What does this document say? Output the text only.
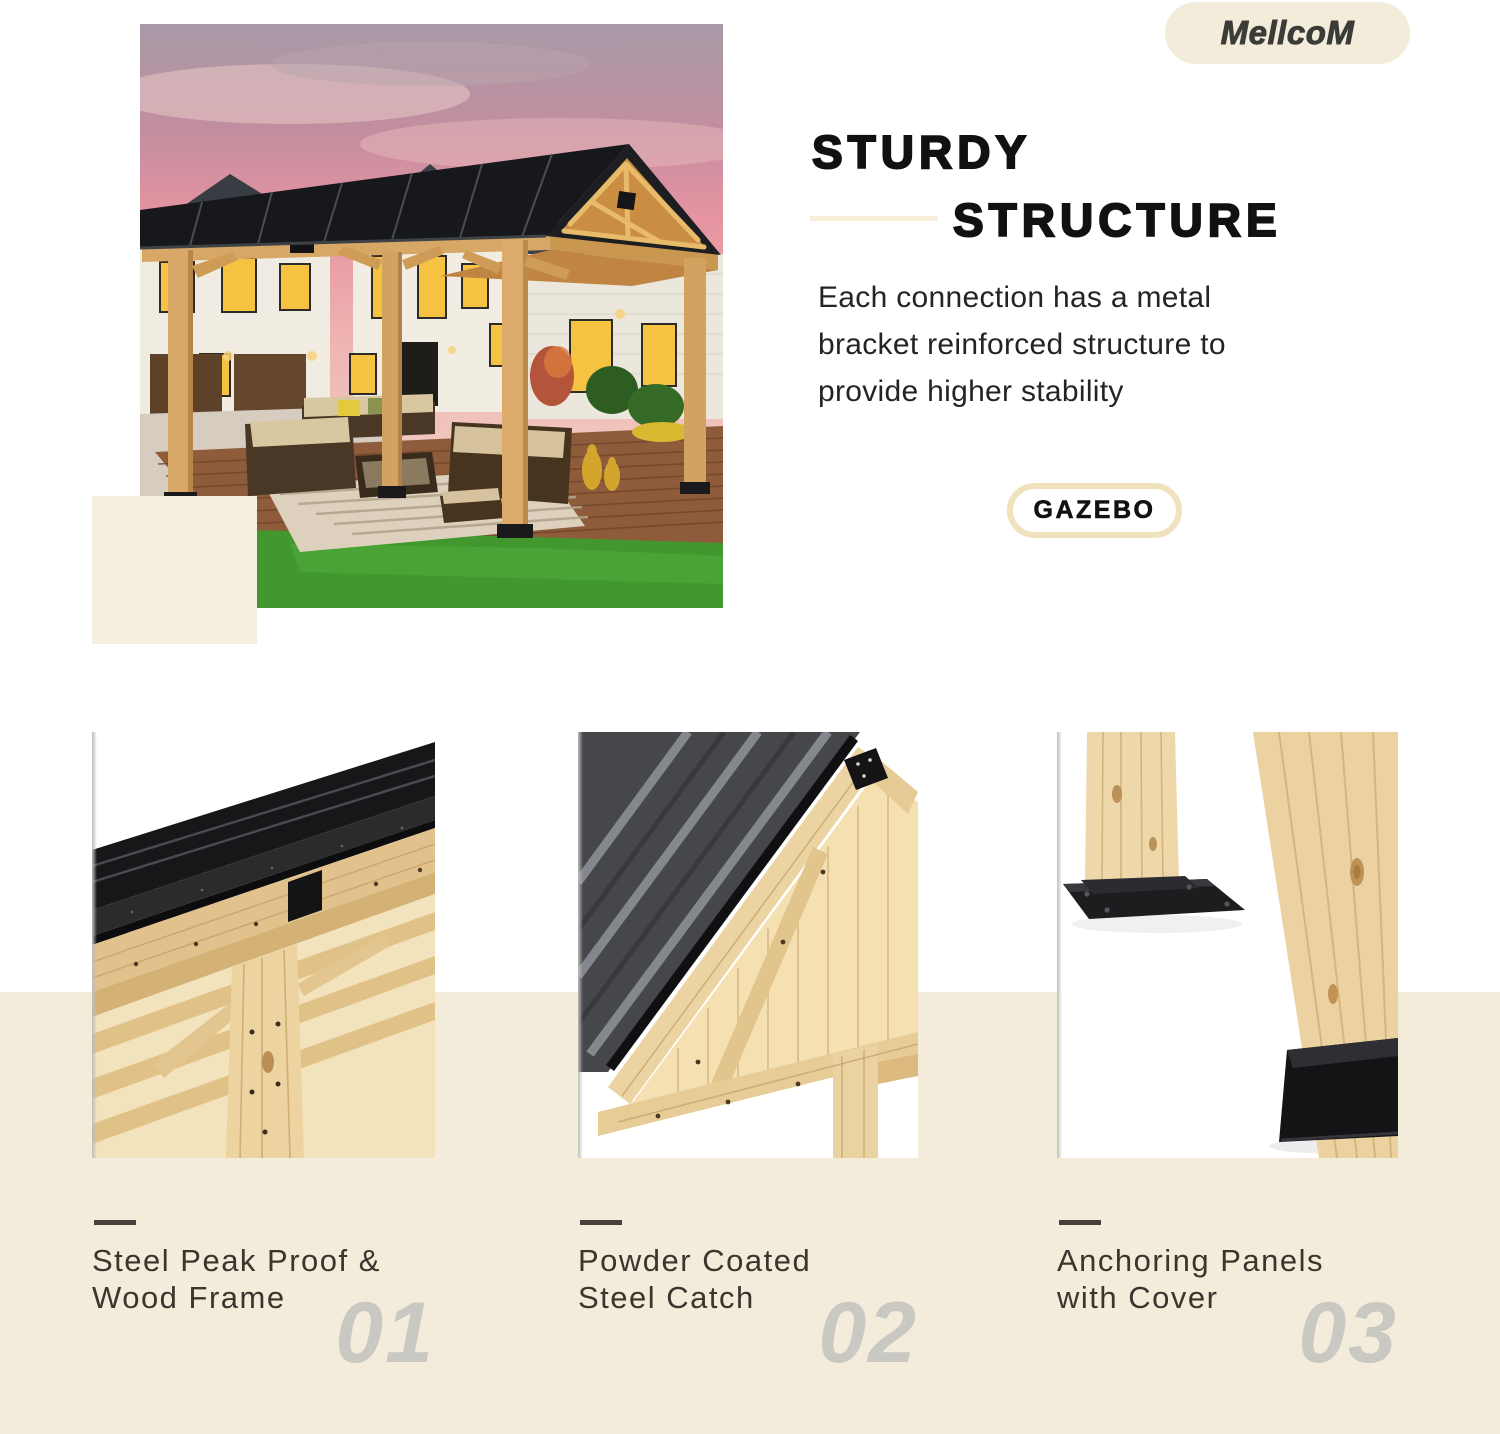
MellcoM
STURDY
STRUCTURE

Each connection has a metal bracket reinforced structure to provide higher stability

GAZEBO
Steel Peak Proof &
Wood Frame 01
Powder Coated
Steel Catch 02
Anchoring Panels
with Cover 03
